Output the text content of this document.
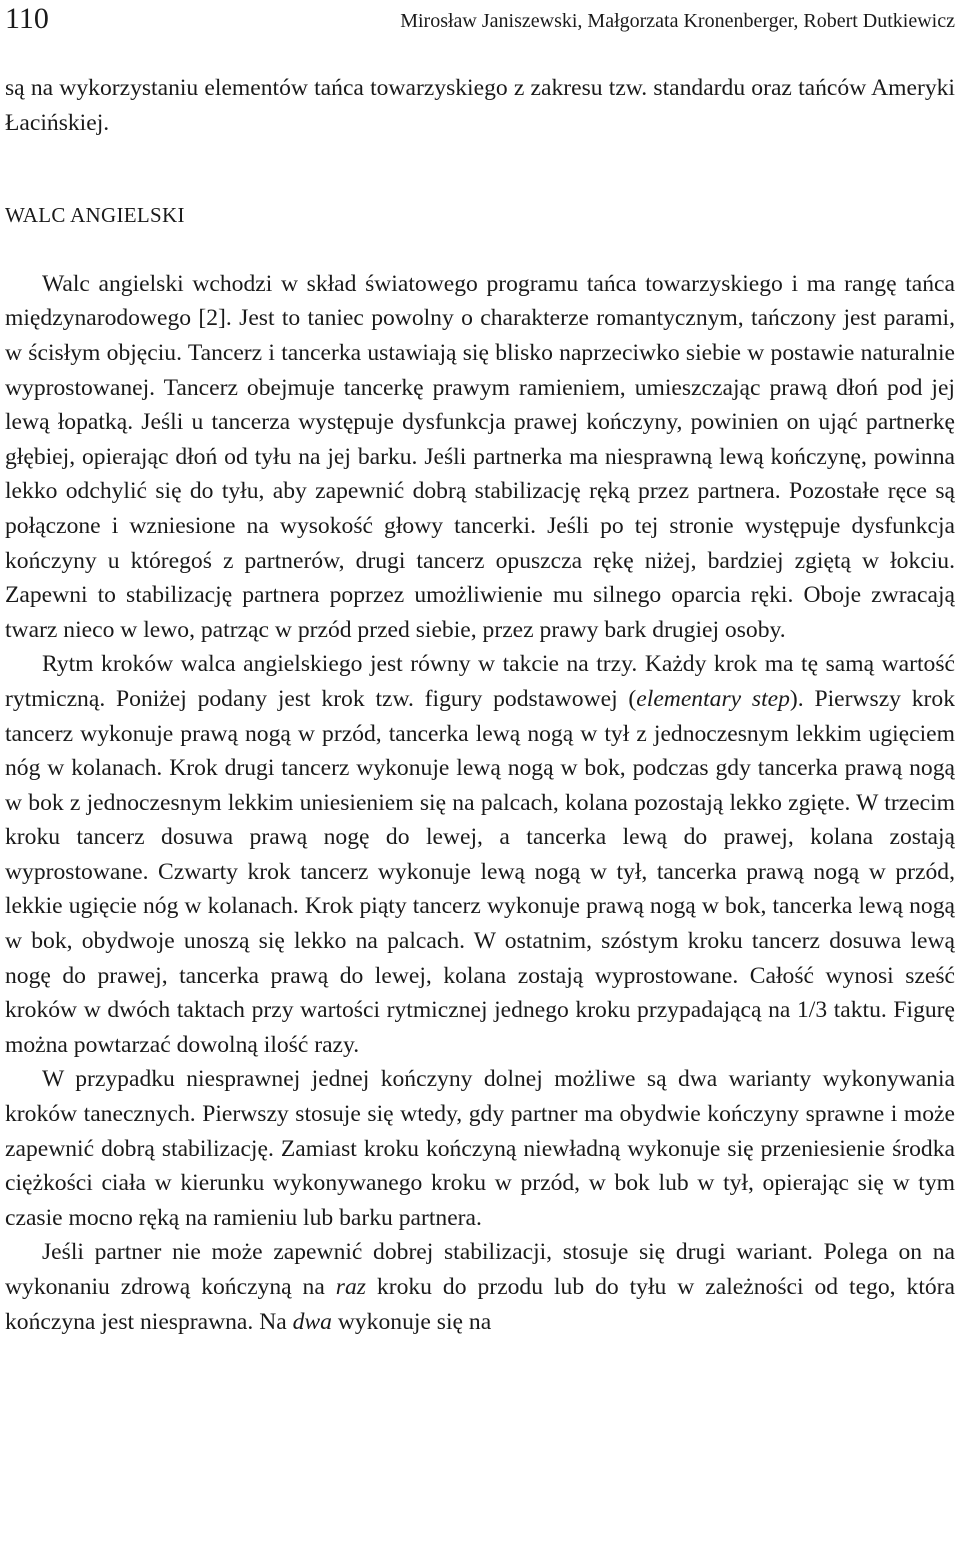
110	Mirosław Janiszewski, Małgorzata Kronenberger, Robert Dutkiewicz

są na wykorzystaniu elementów tańca towarzyskiego z zakresu tzw. standardu oraz tańców Ameryki Łacińskiej.

WALC ANGIELSKI

Walc angielski wchodzi w skład światowego programu tańca towarzyskiego i ma rangę tańca międzynarodowego [2]. Jest to taniec powolny o charakterze romantycznym, tańczony jest parami, w ścisłym objęciu. Tancerz i tancerka ustawiają się blisko naprzeciwko siebie w postawie naturalnie wyprostowanej. Tancerz obejmuje tancerkę prawym ramieniem, umieszczając prawą dłoń pod jej lewą łopatką. Jeśli u tancerza występuje dysfunkcja prawej kończyny, powinien on ująć partnerkę głębiej, opierając dłoń od tyłu na jej barku. Jeśli partnerka ma niesprawną lewą kończynę, powinna lekko odchylić się do tyłu, aby zapewnić dobrą stabilizację ręką przez partnera. Pozostałe ręce są połączone i wzniesione na wysokość głowy tancerki. Jeśli po tej stronie występuje dysfunkcja kończyny u któregoś z partnerów, drugi tancerz opuszcza rękę niżej, bardziej zgiętą w łokciu. Zapewni to stabilizację partnera poprzez umożliwienie mu silnego oparcia ręki. Oboje zwracają twarz nieco w lewo, patrząc w przód przed siebie, przez prawy bark drugiej osoby.

Rytm kroków walca angielskiego jest równy w takcie na trzy. Każdy krok ma tę samą wartość rytmiczną. Poniżej podany jest krok tzw. figury podstawowej (elementary step). Pierwszy krok tancerz wykonuje prawą nogą w przód, tancerka lewą nogą w tył z jednoczesnym lekkim ugięciem nóg w kolanach. Krok drugi tancerz wykonuje lewą nogą w bok, podczas gdy tancerka prawą nogą w bok z jednoczesnym lekkim uniesieniem się na palcach, kolana pozostają lekko zgięte. W trzecim kroku tancerz dosuwa prawą nogę do lewej, a tancerka lewą do prawej, kolana zostają wyprostowane. Czwarty krok tancerz wykonuje lewą nogą w tył, tancerka prawą nogą w przód, lekkie ugięcie nóg w kolanach. Krok piąty tancerz wykonuje prawą nogą w bok, tancerka lewą nogą w bok, obydwoje unoszą się lekko na palcach. W ostatnim, szóstym kroku tancerz dosuwa lewą nogę do prawej, tancerka prawą do lewej, kolana zostają wyprostowane. Całość wynosi sześć kroków w dwóch taktach przy wartości rytmicznej jednego kroku przypadającą na 1/3 taktu. Figurę można powtarzać dowolną ilość razy.

W przypadku niesprawnej jednej kończyny dolnej możliwe są dwa warianty wykonywania kroków tanecznych. Pierwszy stosuje się wtedy, gdy partner ma obydwie kończyny sprawne i może zapewnić dobrą stabilizację. Zamiast kroku kończyną niewładną wykonuje się przeniesienie środka ciężkości ciała w kierunku wykonywanego kroku w przód, w bok lub w tył, opierając się w tym czasie mocno ręką na ramieniu lub barku partnera.

Jeśli partner nie może zapewnić dobrej stabilizacji, stosuje się drugi wariant. Polega on na wykonaniu zdrową kończyną na raz kroku do przodu lub do tyłu w zależności od tego, która kończyna jest niesprawna. Na dwa wykonuje się na
